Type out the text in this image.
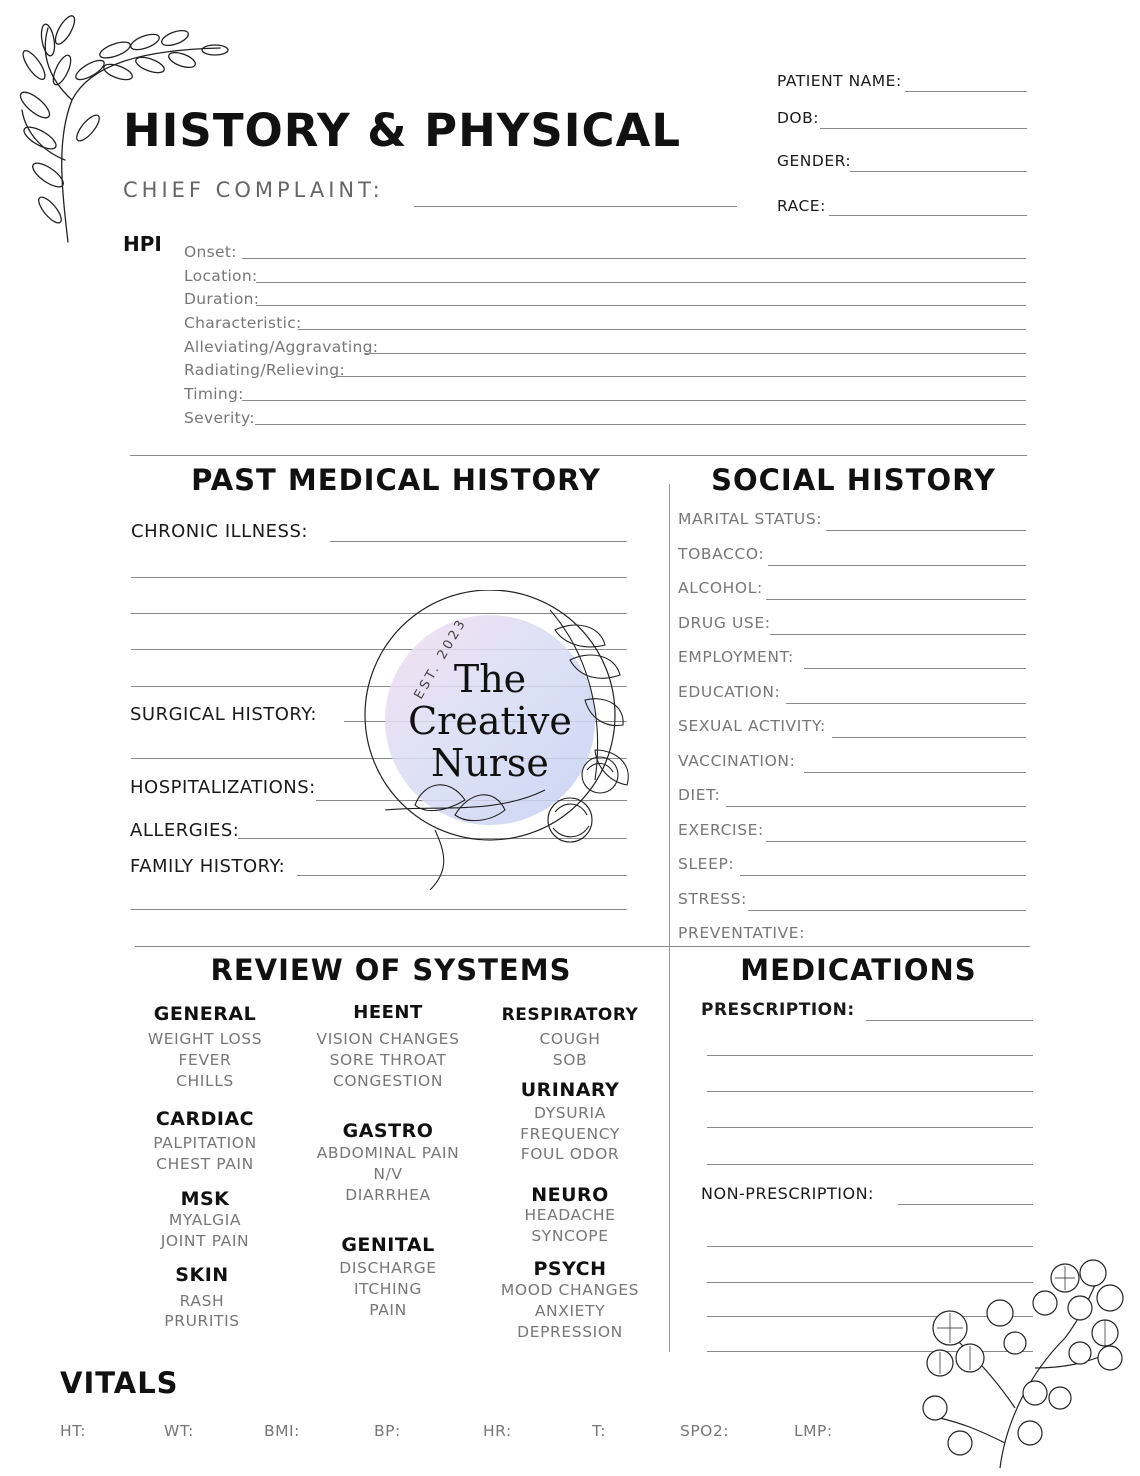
HISTORY & PHYSICAL
CHIEF COMPLAINT:
PATIENT NAME:
DOB:
GENDER:
RACE:
HPI Onset:
Location:
Duration:
Characteristic:
Alleviating/Aggravating:
Radiating/Relieving:
Timing:
Severity:
PAST MEDICAL HISTORY
CHRONIC ILLNESS:
SURGICAL HISTORY:
HOSPITALIZATIONS:
ALLERGIES:
FAMILY HISTORY:
EST. 2023
The
Creative
Nurse
SOCIAL HISTORY
MARITAL STATUS:
TOBACCO:
ALCOHOL:
DRUG USE:
EMPLOYMENT:
EDUCATION:
SEXUAL ACTIVITY:
VACCINATION:
DIET:
EXERCISE:
SLEEP:
STRESS:
PREVENTATIVE:
REVIEW OF SYSTEMS
GENERAL
WEIGHT LOSS
FEVER
CHILLS
CARDIAC
PALPITATION
CHEST PAIN
MSK
MYALGIA
JOINT PAIN
SKIN
RASH
PRURITIS
HEENT
VISION CHANGES
SORE THROAT
CONGESTION
GASTRO
ABDOMINAL PAIN
N/V
DIARRHEA
GENITAL
DISCHARGE
ITCHING
PAIN
RESPIRATORY
COUGH
SOB
URINARY
DYSURIA
FREQUENCY
FOUL ODOR
NEURO
HEADACHE
SYNCOPE
PSYCH
MOOD CHANGES
ANXIETY
DEPRESSION
MEDICATIONS
PRESCRIPTION:
NON-PRESCRIPTION:
VITALS
HT:	WT:	BMI:	BP:	HR:	T:	SPO2:	LMP:
